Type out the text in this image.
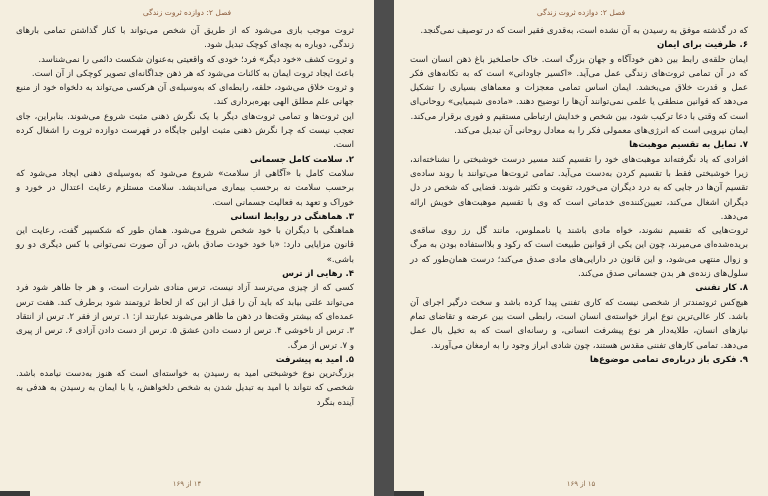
فصل ۲: دوازده ثروت زندگی

ثروت موجب بازی می‌شود که از طریق آن شخص می‌تواند با کنار گذاشتن تمامی بارهای زندگی، دوباره به بچه‌ای کوچک تبدیل شود.

و ثروت کشف «خود دیگر» فرد؛ خودی که واقعیتی به‌عنوان شکست دائمی را نمی‌شناسد.

باعث ایجاد ثروت ایمان به کائنات می‌شود که هر ذهن جداگانه‌ای تصویر کوچکی از آن است.

و ثروت خلاق می‌شود، حلقه، رابطه‌ای که به‌وسیله‌ی آن هرکسی می‌تواند به دلخواه خود از منبع جهانی علم مطلق الهی بهره‌برداری کند.

این ثروت‌ها و تمامی ثروت‌های دیگر با یک نگرش ذهنی مثبت شروع می‌شوند. بنابراین، جای تعجب نیست که چرا نگرش ذهنی مثبت اولین جایگاه در فهرست دوازده ثروت را اشغال کرده است.

۲. سلامت کامل جسمانی

سلامت کامل با «آگاهی از سلامت» شروع می‌شود که به‌وسیله‌ی ذهنی ایجاد می‌شود که برحسب سلامت نه برحسب بیماری می‌اندیشد. سلامت مستلزم رعایت اعتدال در خورد و خوراک و تعهد به فعالیت جسمانی است.

۳. هماهنگی در روابط انسانی

هماهنگی با دیگران با خود شخص شروع می‌شود. همان طور که شکسپیر گفت، رعایت این قانون مزایایی دارد: «با خود خودت صادق باش، در آن صورت نمی‌توانی با کس دیگری دو رو باشی.»

۴. رهایی از ترس

کسی که از چیزی می‌ترسد آزاد نیست، ترس منادی شرارت است، و هر جا ظاهر شود فرد می‌تواند علتی بیابد که باید آن را قبل از این که از لحاظ ثروتمند شود برطرف کند. هفت ترس عمده‌ای که بیشتر وقت‌ها در ذهن ما ظاهر می‌شوند عبارتند از: ۱. ترس از فقر ۲. ترس از انتقاد ۳. ترس از ناخوشی ۴. ترس از دست دادن عشق ۵. ترس از دست دادن آزادی ۶. ترس از پیری و ۷. ترس از مرگ.

۵. امید به پیشرفت

بزرگ‌ترین نوع خوشبختی امید به رسیدن به خواسته‌ای است که هنوز به‌دست نیامده باشد. شخصی که نتواند با امید به تبدیل شدن به شخص دلخواهش، یا با ایمان به رسیدن به هدفی به آینده بنگرد

۱۴ از ۱۶۹
فصل ۲: دوازده ثروت زندگی

که در گذشته موفق به رسیدن به آن نشده است، به‌قدری فقیر است که در توصیف نمی‌گنجد.

۶. ظرفیت برای ایمان

ایمان حلقه‌ی رابط بین ذهن خودآگاه و جهان بزرگ است. خاک حاصلخیز باغ ذهن انسان است که در آن تمامی ثروت‌های زندگی عمل می‌آید. «اکسیر جاودانی» است که به تکانه‌های فکر عمل و قدرت خلاق می‌بخشد. ایمان اساس تمامی معجزات و معماهای بسیاری را تشکیل می‌دهد که قوانین منطقی یا علمی نمی‌توانند آن‌ها را توضیح دهند. «ماده‌ی شیمیایی» روحانی‌ای است که وقتی با دعا ترکیب شود، بین شخص و خدایش ارتباطی مستقیم و فوری برقرار می‌کند.

ایمان نیرویی است که انرژی‌های معمولی فکر را به معادل روحانی آن تبدیل می‌کند.

۷. تمایل به تقسیم موهبت‌ها

افرادی که یاد نگرفته‌اند موهبت‌های خود را تقسیم کنند مسیر درست خوشبختی را نشناخته‌اند، زیرا خوشبختی فقط با تقسیم کردن به‌دست می‌آید. تمامی ثروت‌ها می‌توانند با روند ساده‌ی تقسیم آن‌ها در جایی که به درد دیگران می‌خورد، تقویت و تکثیر شوند. فضایی که شخص در دل دیگران اشغال می‌کند، تعیین‌کننده‌ی خدماتی است که وی با تقسیم موهبت‌های خویش ارائه می‌دهد.

ثروت‌هایی که تقسیم نشوند، خواه مادی باشند یا نامملوس، مانند گل رز روی ساقه‌ی بریده‌شده‌ای می‌میرند، چون این یکی از قوانین طبیعت است که رکود و بلااستفاده بودن به مرگ و زوال منتهی می‌شود، و این قانون در دارایی‌های مادی صدق می‌کند؛ درست همان‌طور که در سلول‌های زنده‌ی هر بدن جسمانی صدق می‌کند.

۸. کار تفننی

هیچ‌کس ثروتمندتر از شخصی نیست که کاری تفننی پیدا کرده باشد و سخت درگیر اجرای آن باشد. کار عالی‌ترین نوع ابراز خواسته‌ی انسان است، رابطی است بین عرضه و تقاضای تمام نیازهای انسان، طلایه‌دار هر نوع پیشرفت انسانی، و رسانه‌ای است که به تخیل بال عمل می‌دهد. تمامی کارهای تفننی مقدس هستند، چون شادی ابراز وجود را به ارمغان می‌آورند.

۹. فکری باز درباره‌ی تمامی موضوع‌ها

۱۵ از ۱۶۹
